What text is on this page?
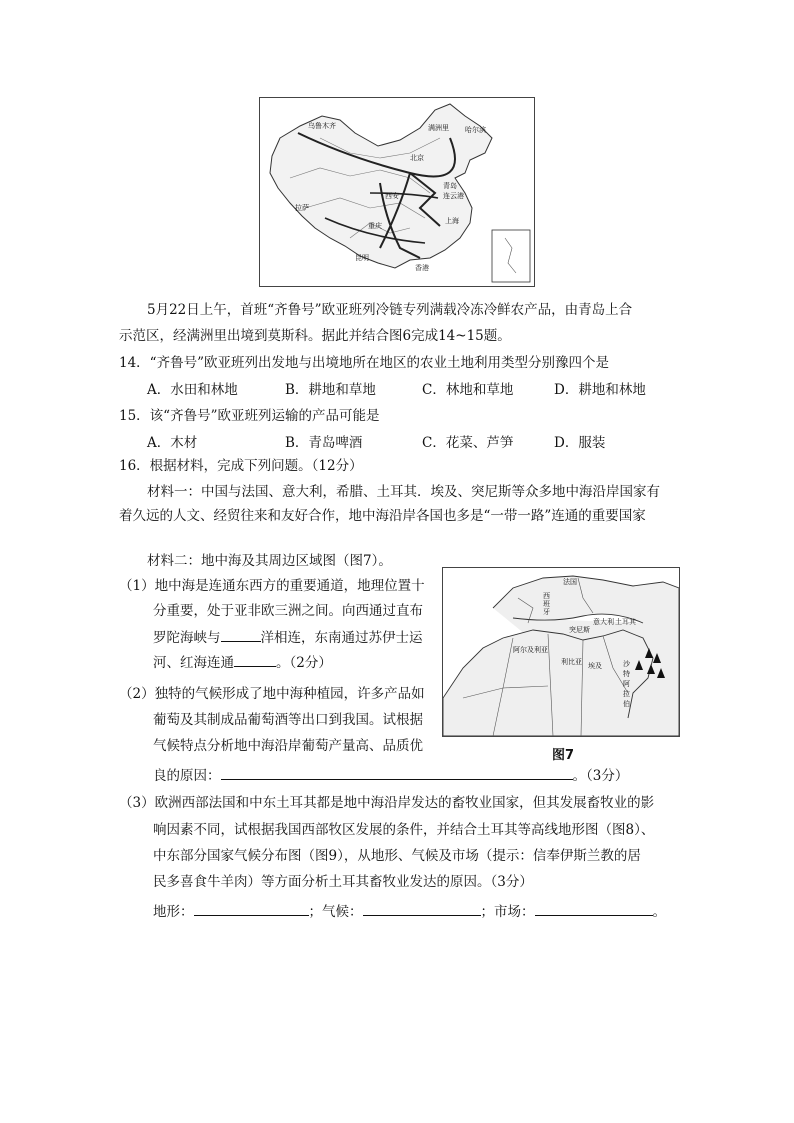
乌鲁木齐	满洲里 哈尔滨
北京
青岛
连云港
拉萨
上海
昆明
香港
重庆
西安
5月22日上午，首班“齐鲁号”欧亚班列冷链专列满载冷冻冷鲜农产品，由青岛上合
示范区，经满洲里出境到莫斯科。据此并结合图6完成14~15题。
14．“齐鲁号”欧亚班列出发地与出境地所在地区的农业土地利用类型分别豫四个是
A．水田和林地	B．耕地和草地	C．林地和草地	D．耕地和林地
15．该“齐鲁号”欧亚班列运输的产品可能是
A．木材	B．青岛啤酒	C．花菜、芦笋	D．服装
16．根据材料，完成下列问题。（12分）
材料一：中国与法国、意大利，希腊、土耳其．埃及、突尼斯等众多地中海沿岸国家有
着久远的人文、经贸往来和友好合作，地中海沿岸各国也多是“一带一路”连通的重要国家
材料二：地中海及其周边区域图（图7）。
（1）地中海是连通东西方的重要通道，地理位置十
分重要，处于亚非欧三洲之间。向西通过直布
罗陀海峡与	洋相连，东南通过苏伊士运
河、红海连通	。（2分）
（2）独特的气候形成了地中海种植园，许多产品如
葡萄及其制成品葡萄酒等出口到我国。试根据
气候特点分析地中海沿岸葡萄产量高、品质优
良的原因：	。（3分）
（3）欧洲西部法国和中东土耳其都是地中海沿岸发达的畜牧业国家，但其发展畜牧业的影
响因素不同，试根据我国西部牧区发展的条件，并结合土耳其等高线地形图（图8）、
中东部分国家气候分布图（图9），从地形、气候及市场（提示：信奉伊斯兰教的居
民多喜食牛羊肉）等方面分析土耳其畜牧业发达的原因。（3分）
地形：	；气候：	；市场：	。
法国
西
班
牙
意大利 土耳其
突尼斯
阿尔及利亚
利比亚 埃及	沙
特
阿
拉
伯
图7
